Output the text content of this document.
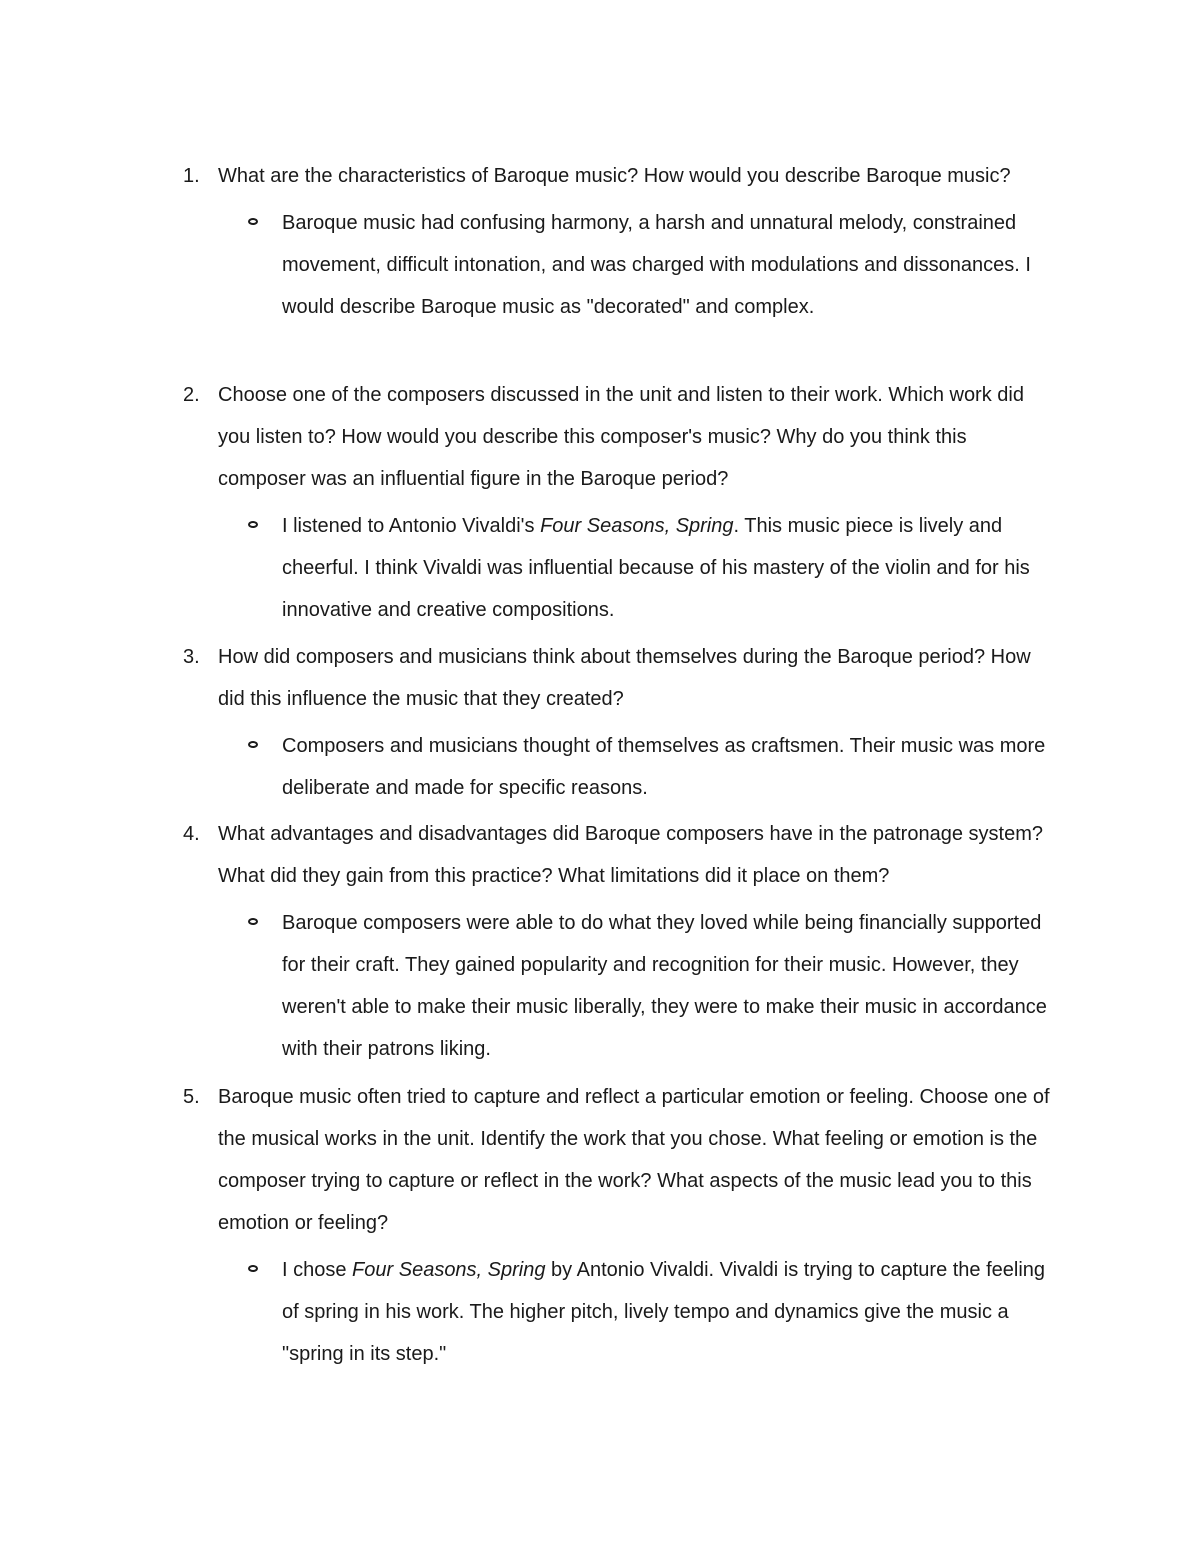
1. What are the characteristics of Baroque music? How would you describe Baroque music?

Baroque music had confusing harmony, a harsh and unnatural melody, constrained movement, difficult intonation, and was charged with modulations and dissonances. I would describe Baroque music as "decorated" and complex.

2. Choose one of the composers discussed in the unit and listen to their work. Which work did you listen to? How would you describe this composer's music? Why do you think this composer was an influential figure in the Baroque period?

I listened to Antonio Vivaldi's Four Seasons, Spring. This music piece is lively and cheerful. I think Vivaldi was influential because of his mastery of the violin and for his innovative and creative compositions.

3. How did composers and musicians think about themselves during the Baroque period? How did this influence the music that they created?

Composers and musicians thought of themselves as craftsmen. Their music was more deliberate and made for specific reasons.

4. What advantages and disadvantages did Baroque composers have in the patronage system? What did they gain from this practice? What limitations did it place on them?

Baroque composers were able to do what they loved while being financially supported for their craft. They gained popularity and recognition for their music. However, they weren't able to make their music liberally, they were to make their music in accordance with their patrons liking.

5. Baroque music often tried to capture and reflect a particular emotion or feeling. Choose one of the musical works in the unit. Identify the work that you chose. What feeling or emotion is the composer trying to capture or reflect in the work? What aspects of the music lead you to this emotion or feeling?

I chose Four Seasons, Spring by Antonio Vivaldi. Vivaldi is trying to capture the feeling of spring in his work. The higher pitch, lively tempo and dynamics give the music a "spring in its step."
